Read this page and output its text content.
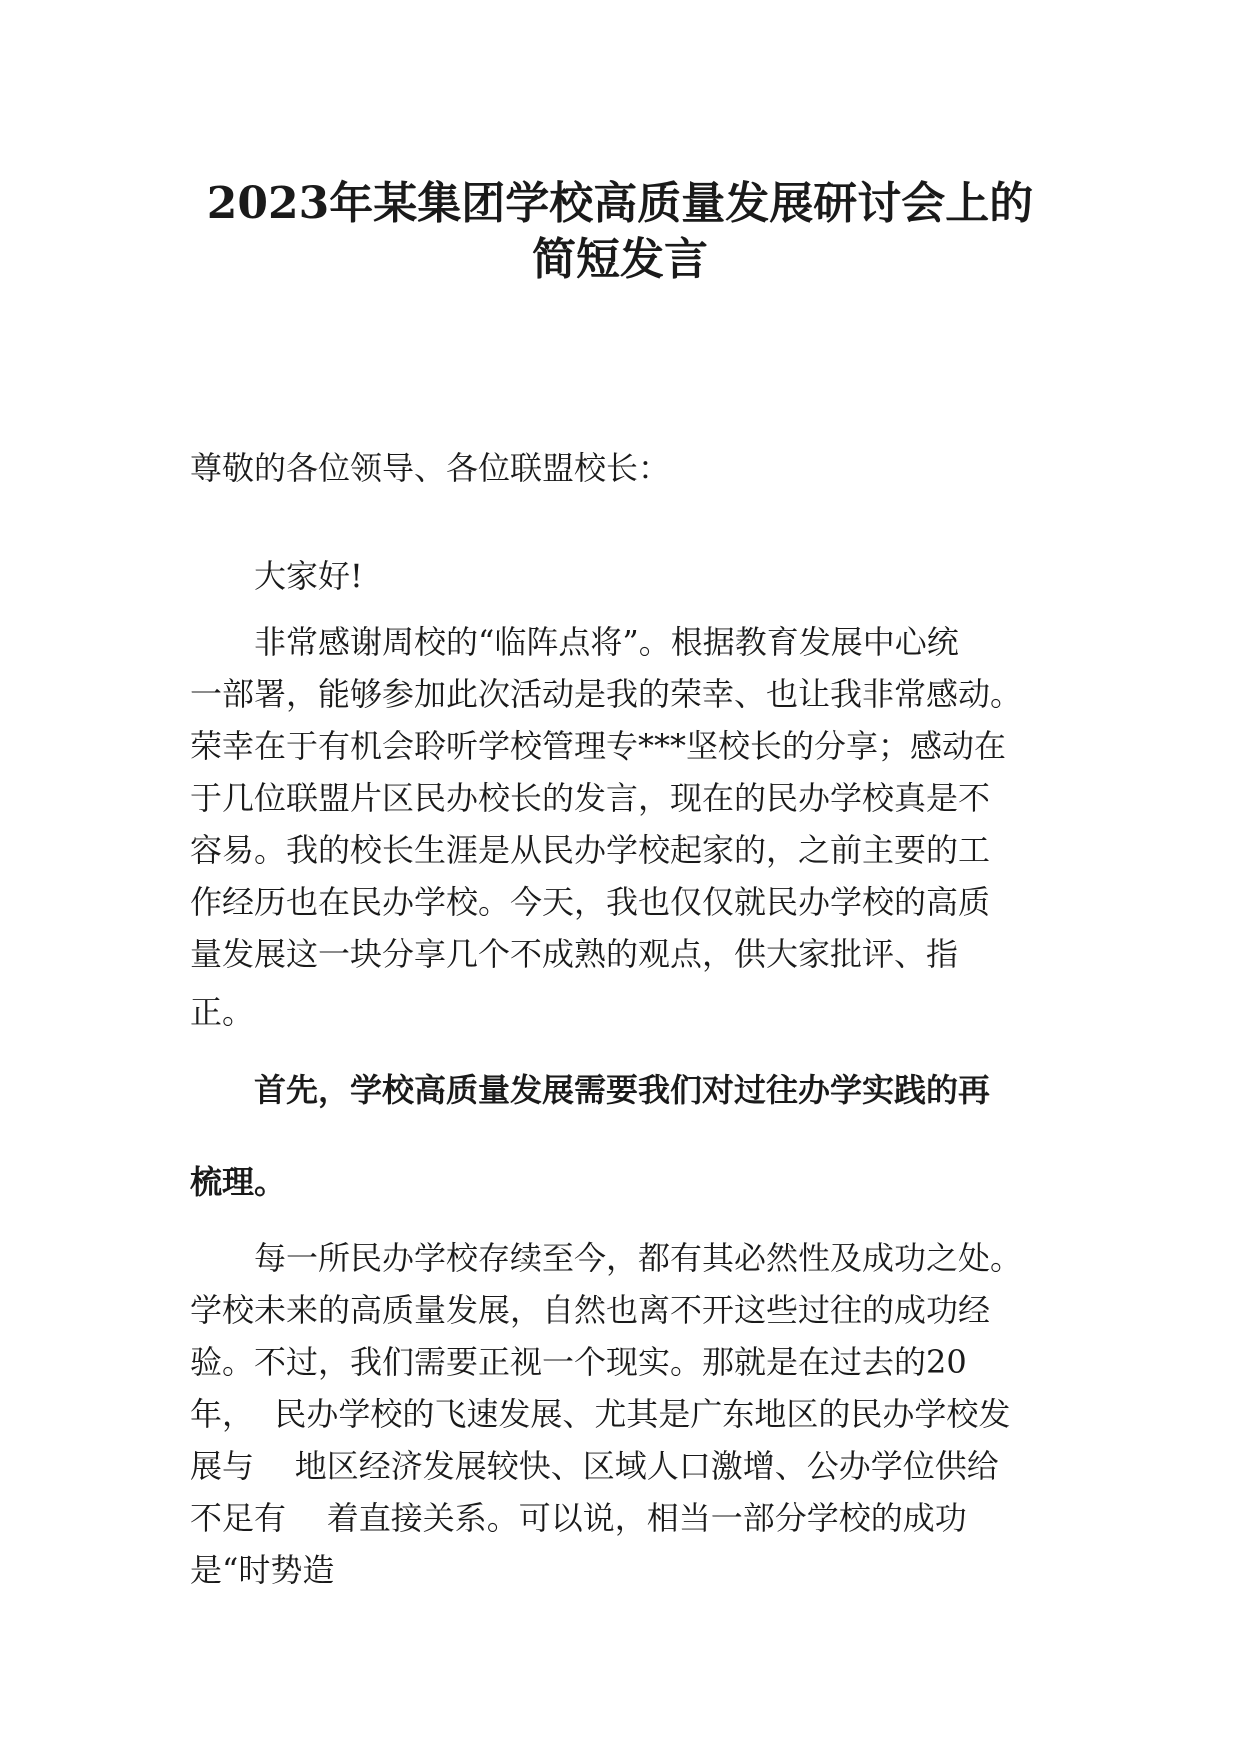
2023年某集团学校高质量发展研讨会上的
简短发言

尊敬的各位领导、各位联盟校长：

大家好!

非常感谢周校的“临阵点将”。根据教育发展中心统

一部署，能够参加此次活动是我的荣幸、也让我非常感动。

荣幸在于有机会聆听学校管理专***坚校长的分享；感动在

于几位联盟片区民办校长的发言，现在的民办学校真是不

容易。我的校长生涯是从民办学校起家的，之前主要的工

作经历也在民办学校。今天，我也仅仅就民办学校的高质

量发展这一块分享几个不成熟的观点，供大家批评、指

正。

首先，学校高质量发展需要我们对过往办学实践的再

梳理。

每一所民办学校存续至今，都有其必然性及成功之处。

学校未来的高质量发展，自然也离不开这些过往的成功经

验。不过，我们需要正视一个现实。那就是在过去的20

年，  民办学校的飞速发展、尤其是广东地区的民办学校发

展与    地区经济发展较快、区域人口激增、公办学位供给

不足有    着直接关系。可以说，相当一部分学校的成功

是“时势造
